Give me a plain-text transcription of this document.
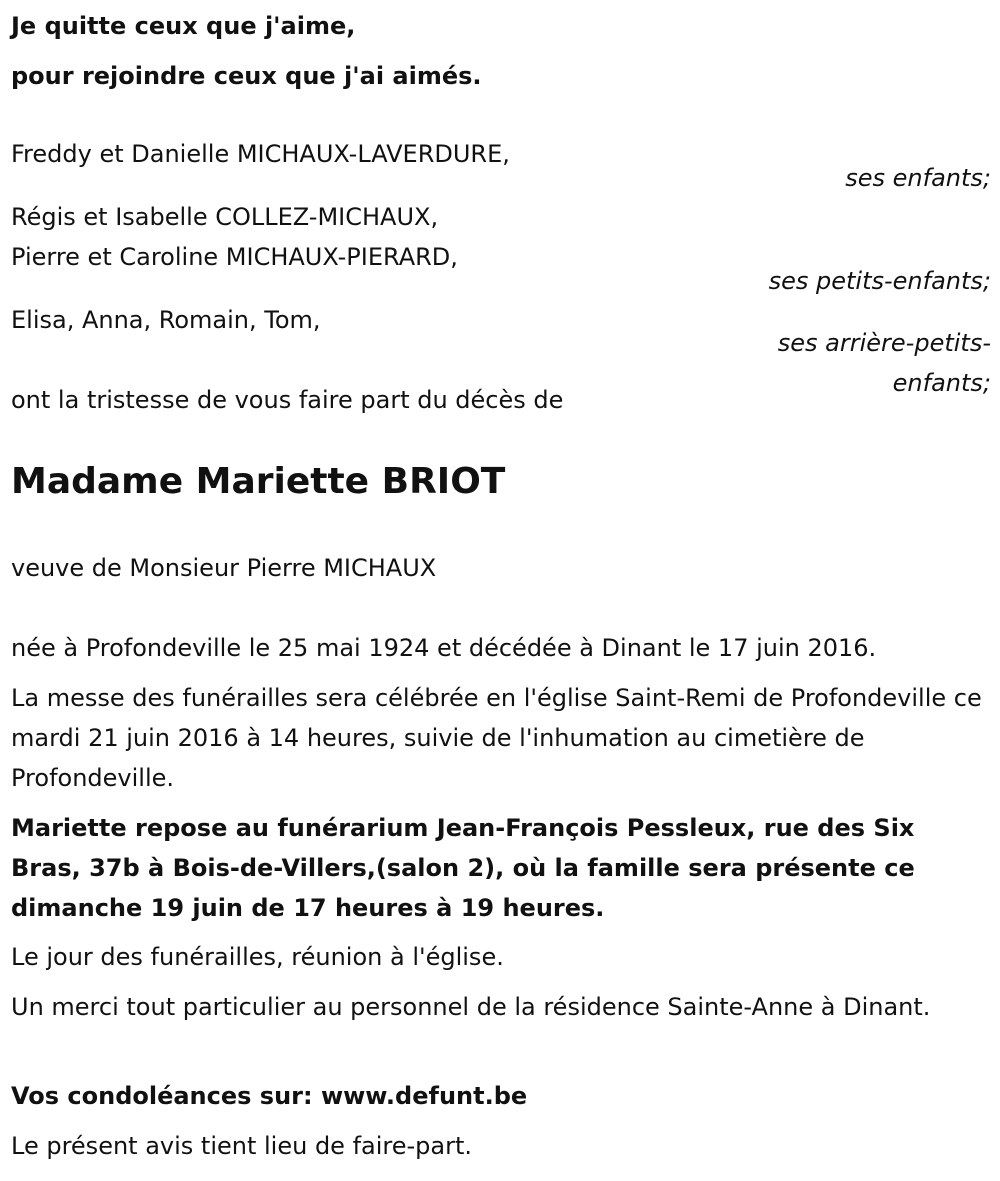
Je quitte ceux que j'aime,
pour rejoindre ceux que j'ai aimés.
Freddy et Danielle MICHAUX-LAVERDURE,
ses enfants;
Régis et Isabelle COLLEZ-MICHAUX,
Pierre et Caroline MICHAUX-PIERARD,
ses petits-enfants;
Elisa, Anna, Romain, Tom,
ses arrière-petits-
enfants;
ont la tristesse de vous faire part du décès de
Madame Mariette BRIOT
veuve de Monsieur Pierre MICHAUX
née à Profondeville le 25 mai 1924 et décédée à Dinant le 17 juin 2016.
La messe des funérailles sera célébrée en l'église Saint-Remi de Profondeville ce mardi 21 juin 2016 à 14 heures, suivie de l'inhumation au cimetière de Profondeville.
Mariette repose au funérarium Jean-François Pessleux, rue des Six Bras, 37b à Bois-de-Villers,(salon 2), où la famille sera présente ce dimanche 19 juin de 17 heures à 19 heures.
Le jour des funérailles, réunion à l'église.
Un merci tout particulier au personnel de la résidence Sainte-Anne à Dinant.
Vos condoléances sur: www.defunt.be
Le présent avis tient lieu de faire-part.
